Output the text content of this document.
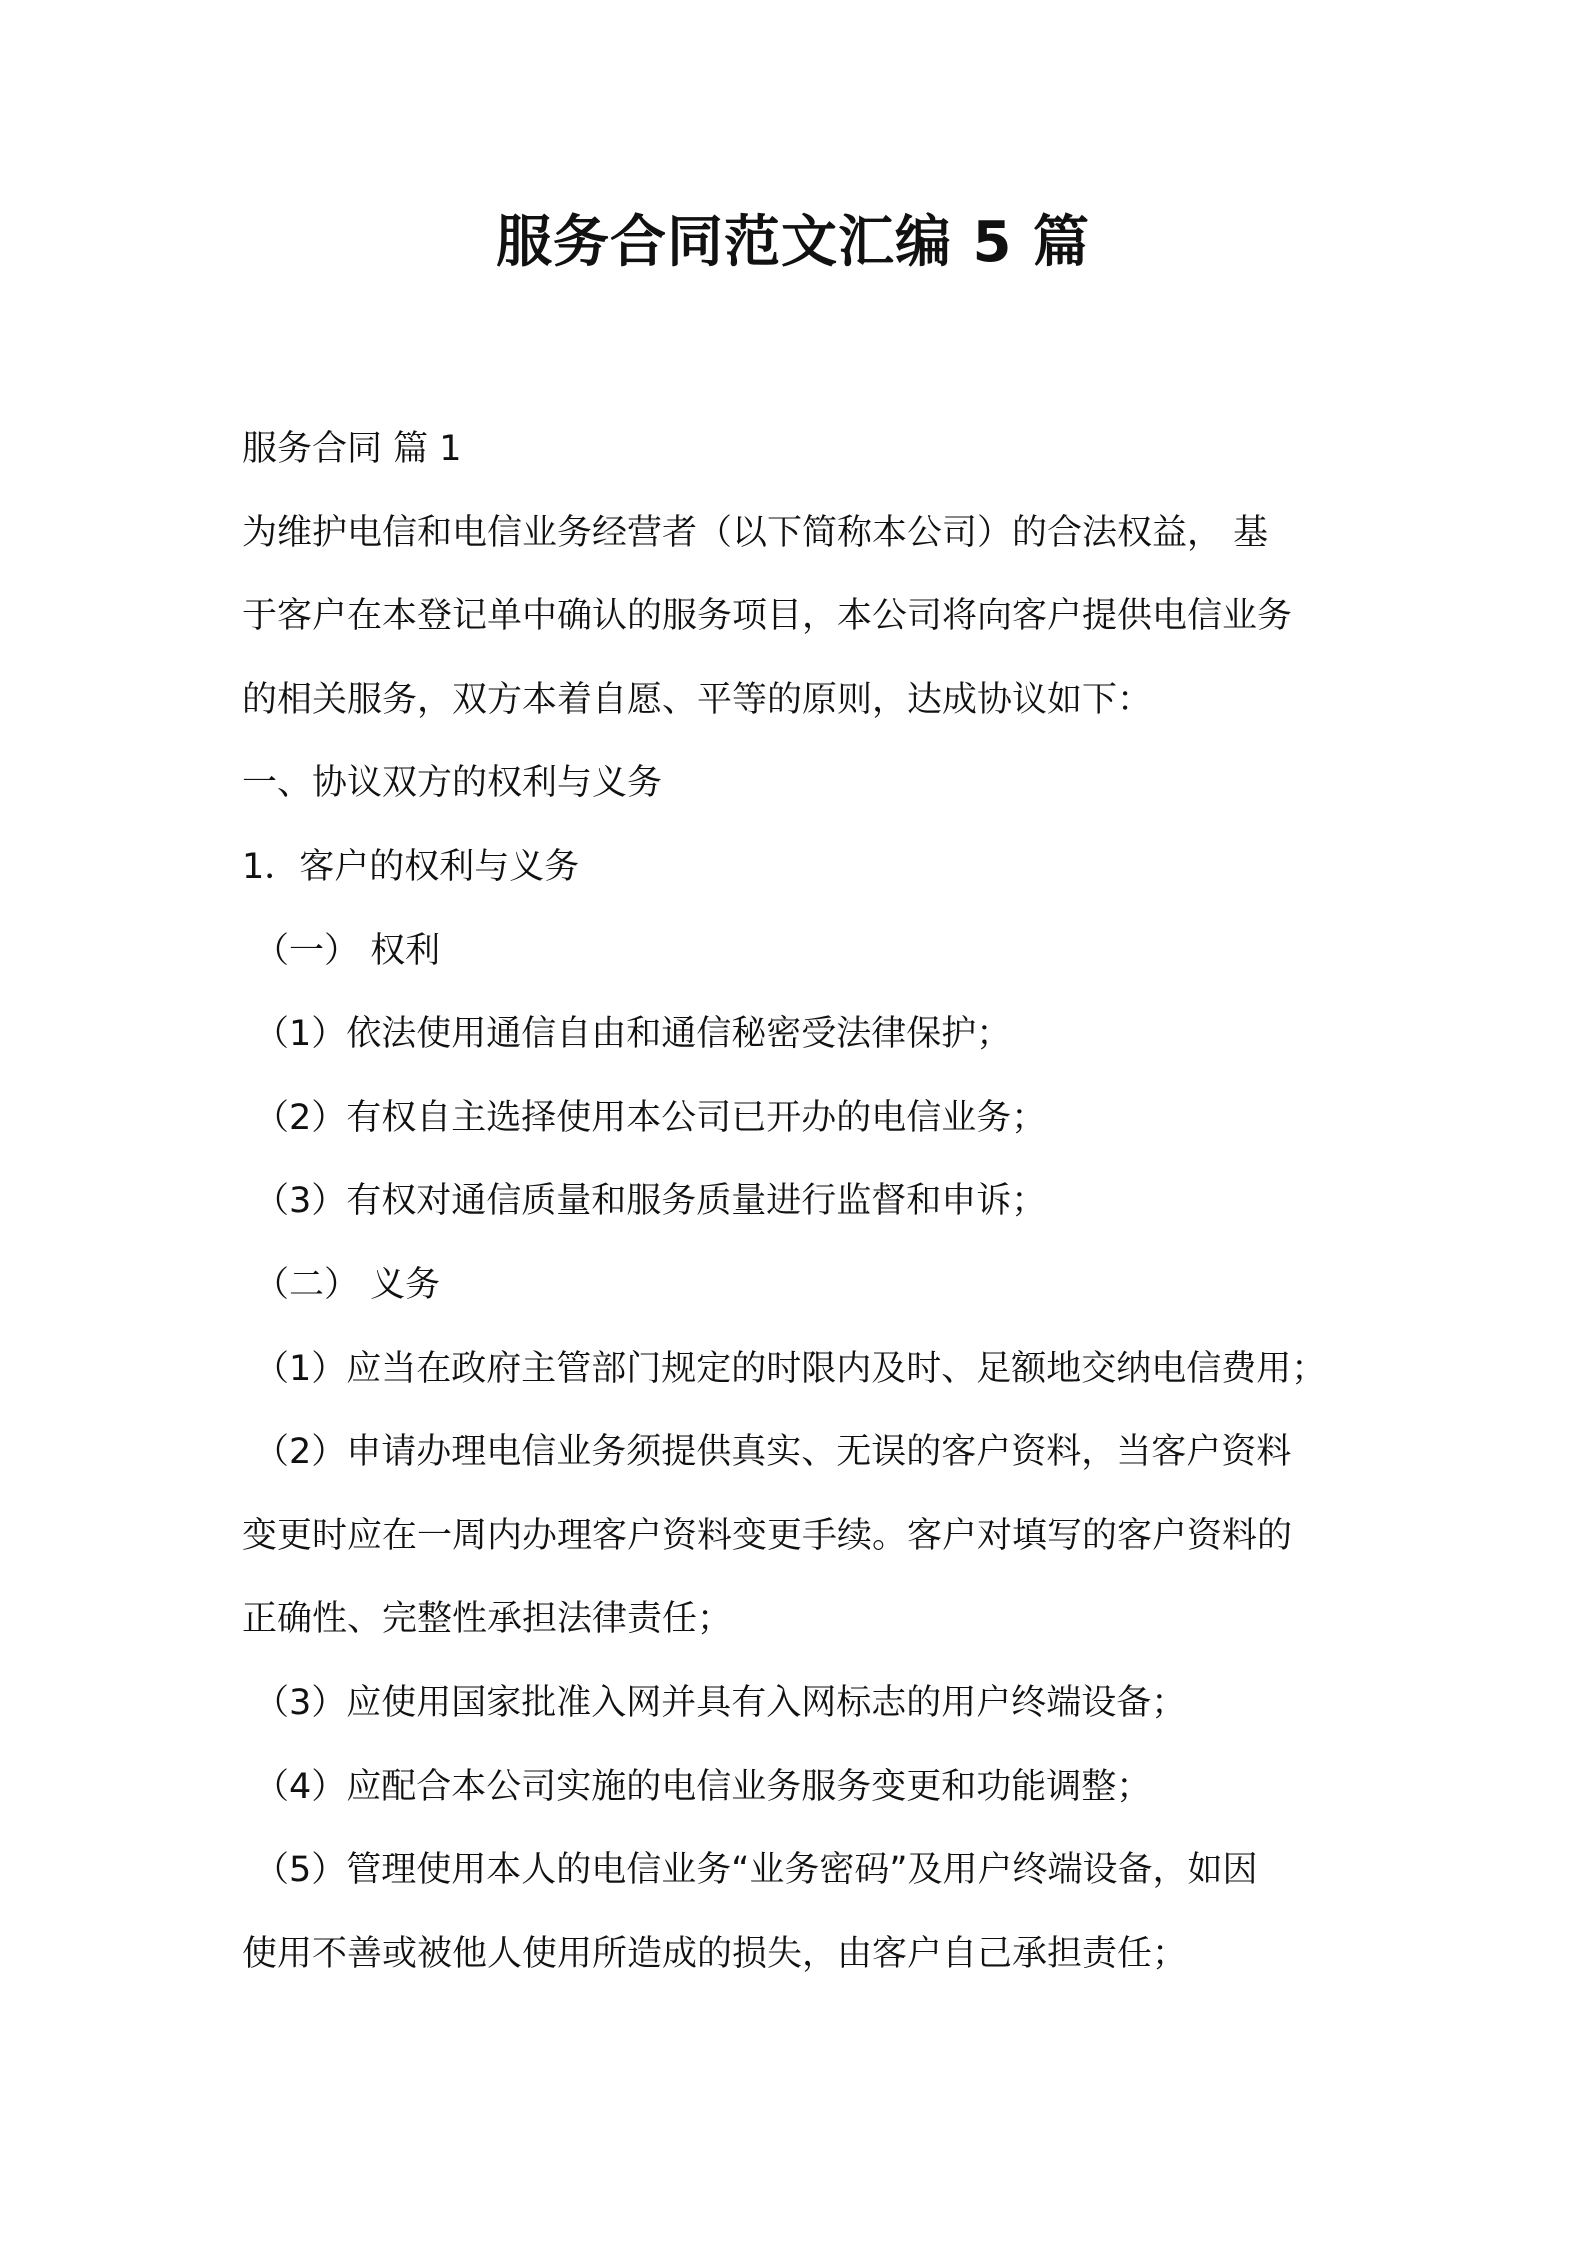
服务合同范文汇编 5 篇
服务合同 篇 1
为维护电信和电信业务经营者（以下简称本公司）的合法权益， 基
于客户在本登记单中确认的服务项目，本公司将向客户提供电信业务
的相关服务，双方本着自愿、平等的原则，达成协议如下：
一、协议双方的权利与义务
1．客户的权利与义务
（一） 权利
（1）依法使用通信自由和通信秘密受法律保护；
（2）有权自主选择使用本公司已开办的电信业务；
（3）有权对通信质量和服务质量进行监督和申诉；
（二） 义务
（1）应当在政府主管部门规定的时限内及时、足额地交纳电信费用；
（2）申请办理电信业务须提供真实、无误的客户资料，当客户资料
变更时应在一周内办理客户资料变更手续。客户对填写的客户资料的
正确性、完整性承担法律责任；
（3）应使用国家批准入网并具有入网标志的用户终端设备；
（4）应配合本公司实施的电信业务服务变更和功能调整；
（5）管理使用本人的电信业务“业务密码”及用户终端设备，如因
使用不善或被他人使用所造成的损失，由客户自己承担责任；
